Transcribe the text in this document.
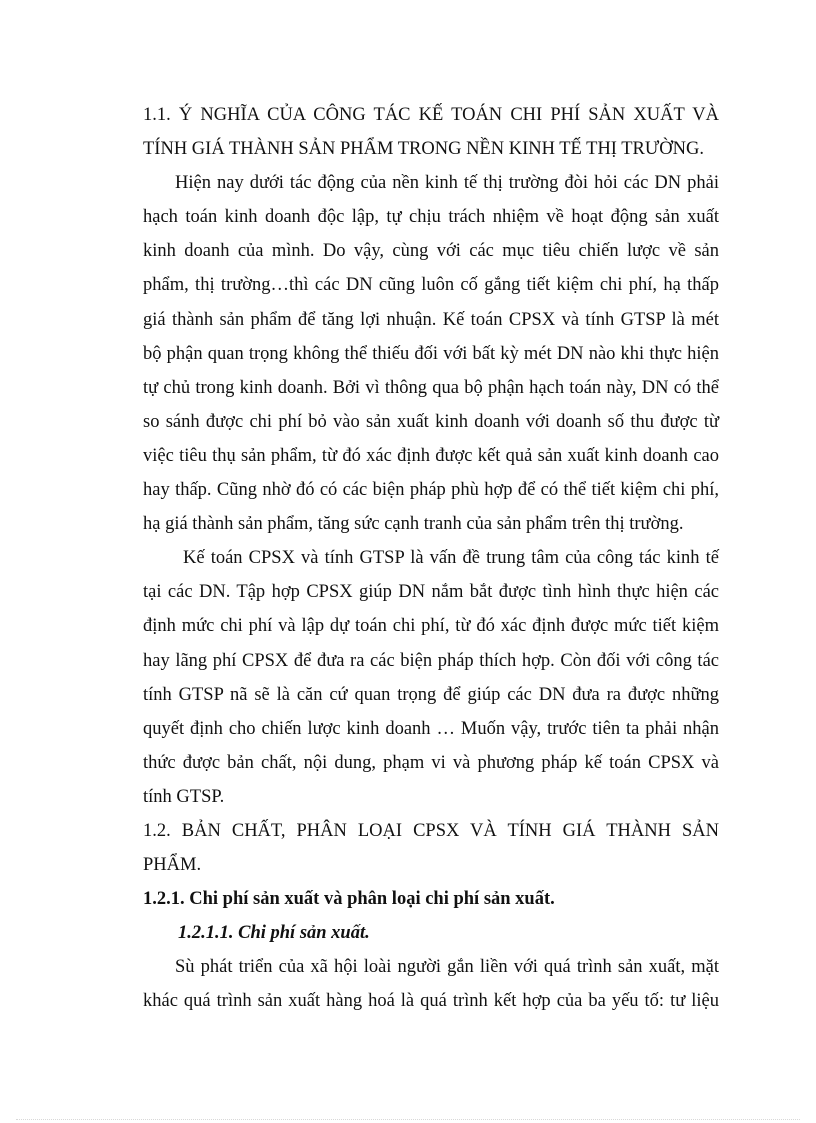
1.1. Ý NGHĨA CỦA CÔNG TÁC KẾ TOÁN CHI PHÍ SẢN XUẤT VÀ
TÍNH GIÁ THÀNH SẢN PHẨM TRONG NỀN KINH TẾ THỊ TRƯỜNG.
Hiện nay dưới tác động của nền kinh tế thị trường đòi hỏi các DN phải
hạch toán kinh doanh độc lập, tự chịu trách nhiệm về hoạt động sản xuất
kinh doanh của mình. Do vậy, cùng với các mục tiêu chiến lược về sản
phẩm, thị trường…thì các DN cũng luôn cố gắng tiết kiệm chi phí, hạ thấp
giá thành sản phẩm để tăng lợi nhuận. Kế toán CPSX và tính GTSP là mét
bộ phận quan trọng không thể thiếu đối với bất kỳ mét DN nào khi thực hiện
tự chủ trong kinh doanh. Bởi vì thông qua bộ phận hạch toán này, DN có thể
so sánh được chi phí bỏ vào sản xuất kinh doanh với doanh số thu được từ
việc tiêu thụ sản phẩm, từ đó xác định được kết quả sản xuất kinh doanh cao
hay thấp. Cũng nhờ đó có các biện pháp phù hợp để có thể tiết kiệm chi phí,
hạ giá thành sản phẩm, tăng sức cạnh tranh của sản phẩm trên thị trường.
Kế toán CPSX và tính GTSP là vấn đề trung tâm của công tác kinh tế
tại các DN. Tập hợp CPSX giúp DN nắm bắt được tình hình thực hiện các
định mức chi phí và lập dự toán chi phí, từ đó xác định được mức tiết kiệm
hay lãng phí CPSX để đưa ra các biện pháp thích hợp. Còn đối với công tác
tính GTSP nã sẽ là căn cứ quan trọng để giúp các DN đưa ra được những
quyết định cho chiến lược kinh doanh … Muốn vậy, trước tiên ta phải nhận
thức được bản chất, nội dung, phạm vi và phương pháp kế toán CPSX và
tính GTSP.
1.2. BẢN CHẤT, PHÂN LOẠI CPSX VÀ TÍNH GIÁ THÀNH SẢN
PHẨM.
1.2.1. Chi phí sản xuất và phân loại chi phí sản xuất.
1.2.1.1. Chi phí sản xuất.
Sù phát triển của xã hội loài người gắn liền với quá trình sản xuất, mặt
khác quá trình sản xuất hàng hoá là quá trình kết hợp của ba yếu tố: tư liệu
